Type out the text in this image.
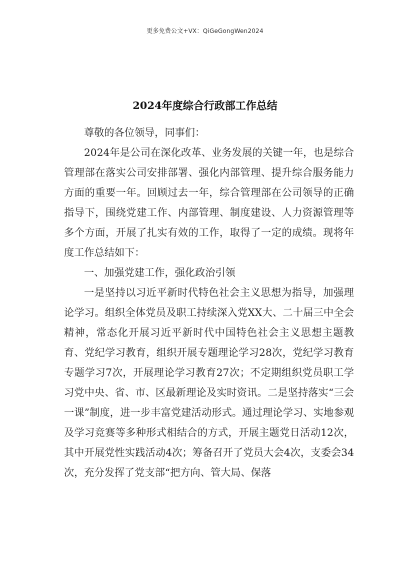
更多免费公文+VX：QiGeGongWen2024
2024年度综合行政部工作总结
尊敬的各位领导，同事们：

2024年是公司在深化改革、业务发展的关键一年，也是综合管理部在落实公司安排部署、强化内部管理、提升综合服务能力方面的重要一年。回顾过去一年，综合管理部在公司领导的正确指导下，围绕党建工作、内部管理、制度建设、人力资源管理等多个方面，开展了扎实有效的工作，取得了一定的成绩。现将年度工作总结如下：

一、加强党建工作，强化政治引领

一是坚持以习近平新时代特色社会主义思想为指导，加强理论学习。组织全体党员及职工持续深入党XX大、二十届三中全会精神，常态化开展习近平新时代中国特色社会主义思想主题教育、党纪学习教育，组织开展专题理论学习28次，党纪学习教育专题学习7次，开展理论学习教育27次；不定期组织党员职工学习党中央、省、市、区最新理论及实时资讯。二是坚持落实“三会一课”制度，进一步丰富党建活动形式。通过理论学习、实地参观及学习竞赛等多种形式相结合的方式，开展主题党日活动12次，其中开展党性实践活动4次；筹备召开了党员大会4次，支委会34次，充分发挥了党支部“把方向、管大局、保落
